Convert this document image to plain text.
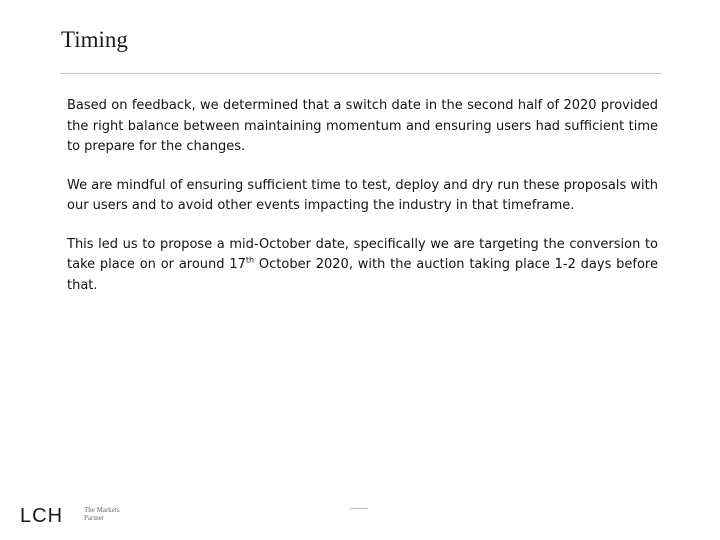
Timing

Based on feedback, we determined that a switch date in the second half of 2020 provided the right balance between maintaining momentum and ensuring users had sufficient time to prepare for the changes.

We are mindful of ensuring sufficient time to test, deploy and dry run these proposals with our users and to avoid other events impacting the industry in that timeframe.

This led us to propose a mid-October date, specifically we are targeting the conversion to take place on or around 17th October 2020, with the auction taking place 1-2 days before that.

LCH	The Markets
Partner
